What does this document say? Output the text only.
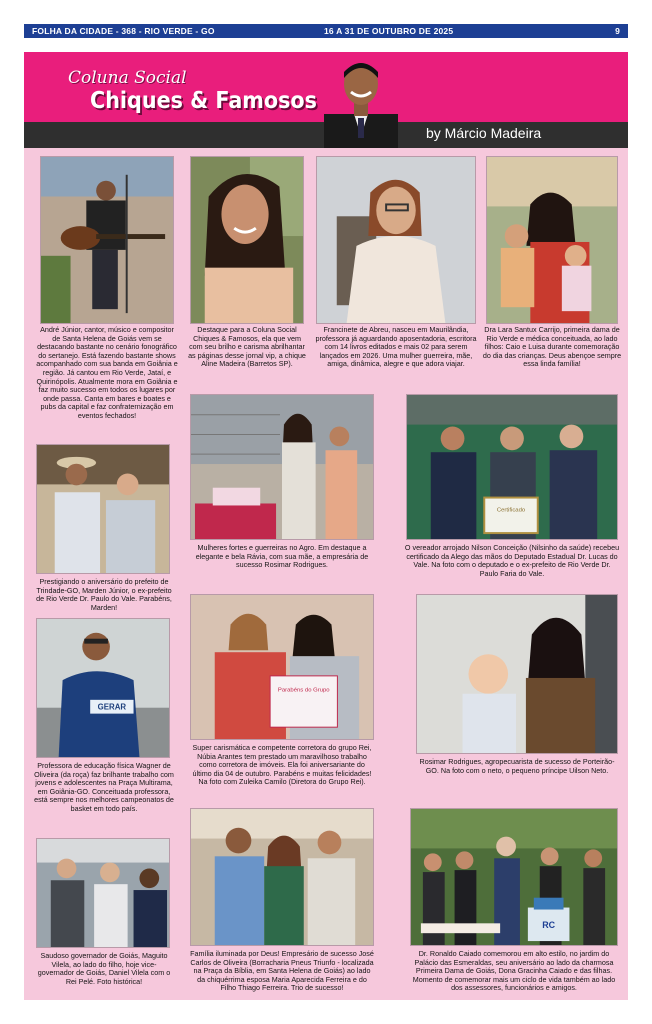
FOLHA DA CIDADE - 368 - RIO VERDE - GO	16 A 31 DE OUTUBRO DE 2025	9
Coluna Social
Chiques & Famosos
by Márcio Madeira
André Júnior, cantor, músico e compositor de Santa Helena de Goiás vem se destacando bastante no cenário fonográfico do sertanejo. Está fazendo bastante shows acompanhado com sua banda em Goiânia e região. Já cantou em Rio Verde, Jataí, e Quirinópolis. Atualmente mora em Goiânia e faz muito sucesso em todos os lugares por onde passa. Canta em bares e boates e pubs da capital e faz confraternização em eventos fechados!
Destaque para a Coluna Social Chiques & Famosos, ela que vem com seu brilho e carisma abrilhantar as páginas desse jornal vip, a chique Aline Madeira (Barretos SP).
Francinete de Abreu, nasceu em Maurilândia, professora já aguardando aposentadoria, escritora com 14 livros editados e mais 02 para serem lançados em 2026. Uma mulher guerreira, mãe, amiga, dinâmica, alegre e que adora viajar.
Dra Lara Santux Carrijo, primeira dama de Rio Verde e médica conceituada, ao lado filhos: Caio e Luisa durante comemoração do dia das crianças. Deus abençoe sempre essa linda família!
Prestigiando o aniversário do prefeito de Trindade-GO, Marden Júnior, o ex-prefeito de Rio Verde Dr. Paulo do Vale. Parabéns, Marden!
Mulheres fortes e guerreiras no Agro. Em destaque a elegante e bela Rávia, com sua mãe, a empresária de sucesso Rosimar Rodrigues.
Certificado
O vereador arrojado Nilson Conceição (Nilsinho da saúde) recebeu certificado da Alego das mãos do Deputado Estadual Dr. Lucas do Vale. Na foto com o deputado e o ex-prefeito de Rio Verde Dr. Paulo Faria do Vale.
GERAR
Professora de educação física Wagner de Oliveira (da roça) faz brilhante trabalho com jovens e adolescentes na Praça Multirama, em Goiânia-GO. Conceituada professora, está sempre nos melhores campeonatos de basket em todo país.
Parabéns do Grupo
Super carismática e competente corretora do grupo Rei, Núbia Arantes tem prestado um maravilhoso trabalho como corretora de imóveis. Ela foi aniversariante do último dia 04 de outubro. Parabéns e muitas felicidades! Na foto com Zuleika Camilo (Diretora do Grupo Rei).
Rosimar Rodrigues, agropecuarista de sucesso de Porteirão-GO. Na foto com o neto, o pequeno príncipe Uilson Neto.
Saudoso governador de Goiás, Maguito Vilela, ao lado do filho, hoje vice-governador de Goiás, Daniel Vilela com o Rei Pelé. Foto histórica!
Família iluminada por Deus! Empresário de sucesso José Carlos de Oliveira (Borracharia Pneus Triunfo - localizada na Praça da Bíblia, em Santa Helena de Goiás) ao lado da chiquérrima esposa Maria Aparecida Ferreira e do Filho Thiago Ferreira. Trio de sucesso!
RC
Dr. Ronaldo Caiado comemorou em alto estilo, no jardim do Palácio das Esmeraldas, seu aniversário ao lado da charmosa Primeira Dama de Goiás, Dona Gracinha Caiado e das filhas. Momento de comemorar mais um ciclo de vida também ao lado dos assessores, funcionários e amigos.
